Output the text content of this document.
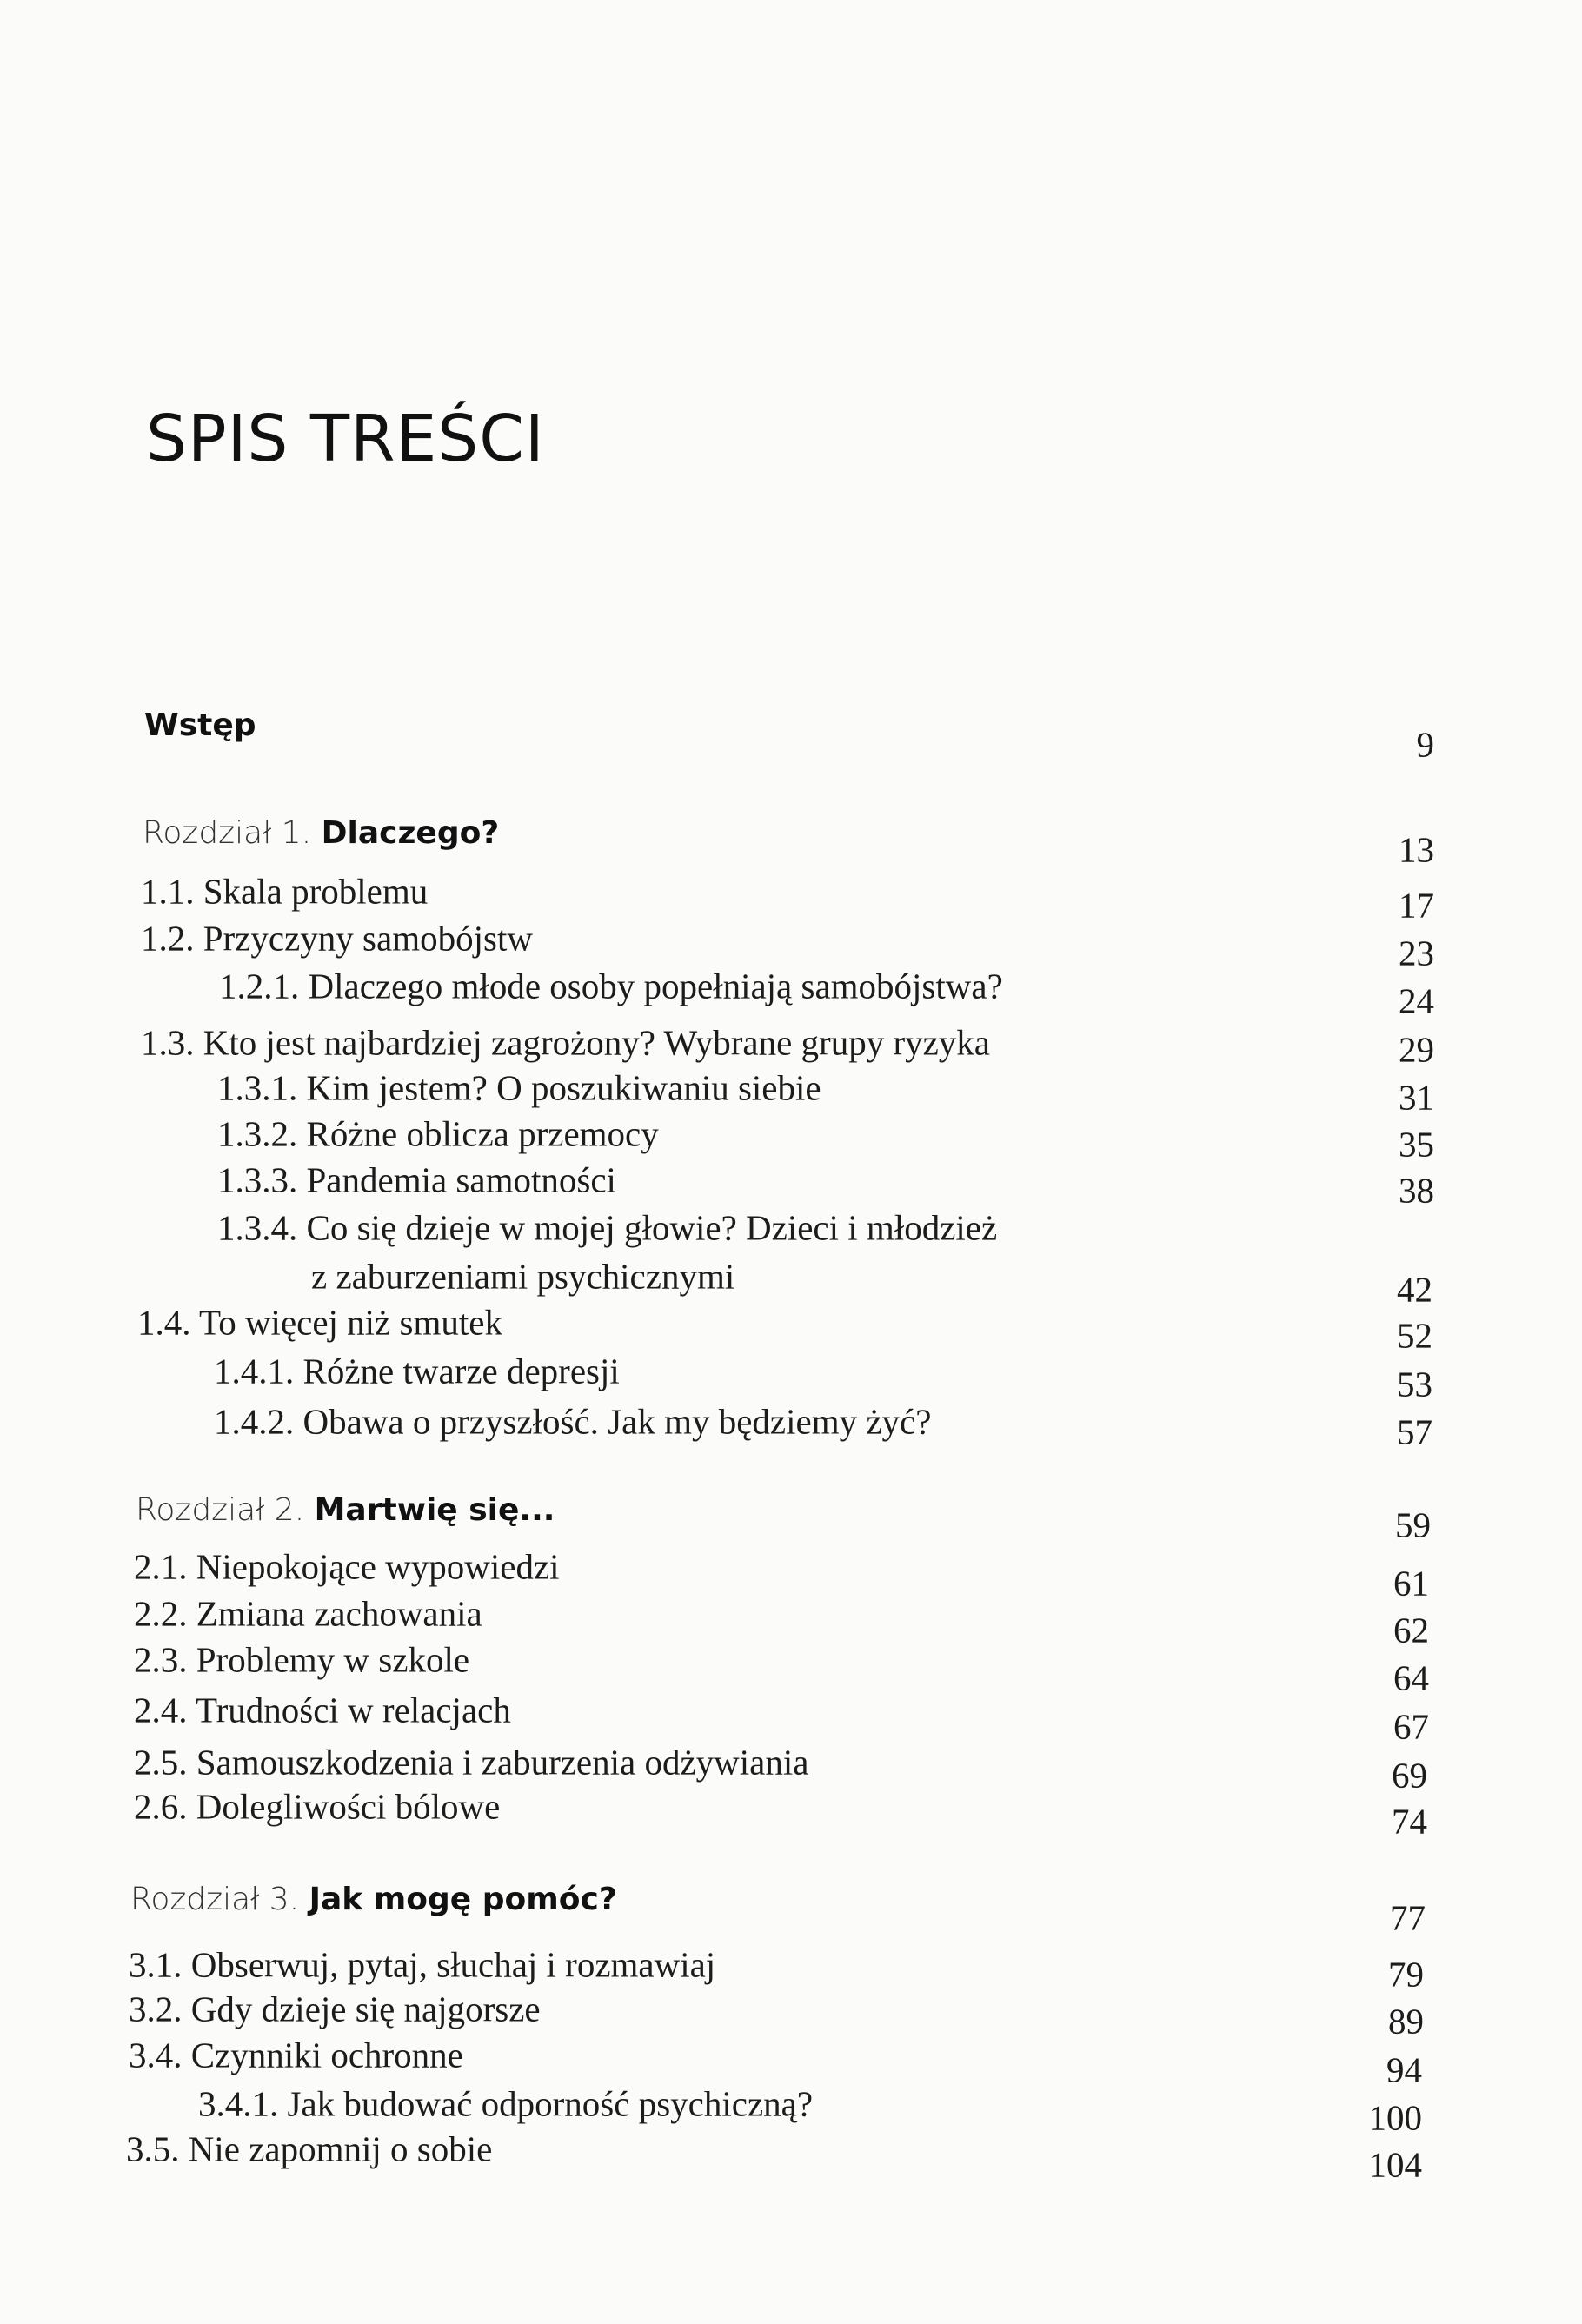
SPIS TREŚCI
Wstęp	9
Rozdział 1. Dlaczego?	13
1.1. Skala problemu	17
1.2. Przyczyny samobójstw	23
1.2.1. Dlaczego młode osoby popełniają samobójstwa?	24
1.3. Kto jest najbardziej zagrożony? Wybrane grupy ryzyka	29
1.3.1. Kim jestem? O poszukiwaniu siebie	31
1.3.2. Różne oblicza przemocy	35
1.3.3. Pandemia samotności	38
1.3.4. Co się dzieje w mojej głowie? Dzieci i młodzież
z zaburzeniami psychicznymi	42
1.4. To więcej niż smutek	52
1.4.1. Różne twarze depresji	53
1.4.2. Obawa o przyszłość. Jak my będziemy żyć?	57
Rozdział 2. Martwię się...	59
2.1. Niepokojące wypowiedzi	61
2.2. Zmiana zachowania	62
2.3. Problemy w szkole	64
2.4. Trudności w relacjach	67
2.5. Samouszkodzenia i zaburzenia odżywiania	69
2.6. Dolegliwości bólowe	74
Rozdział 3. Jak mogę pomóc?	77
3.1. Obserwuj, pytaj, słuchaj i rozmawiaj	79
3.2. Gdy dzieje się najgorsze	89
3.4. Czynniki ochronne	94
3.4.1. Jak budować odporność psychiczną?	100
3.5. Nie zapomnij o sobie	104
